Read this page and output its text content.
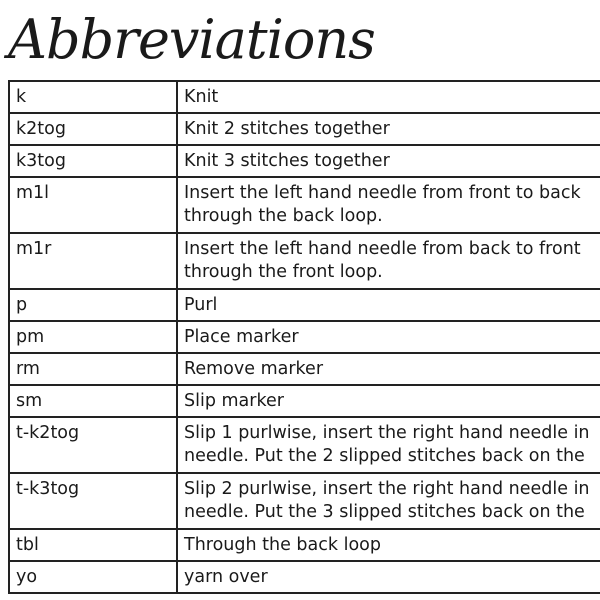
Abbreviations
k	Knit
k2tog	Knit 2 stitches together
k3tog	Knit 3 stitches together
m1l	Insert the left hand needle from front to back
through the back loop.
m1r	Insert the left hand needle from back to front
through the front loop.
p	Purl
pm	Place marker
rm	Remove marker
sm	Slip marker
t-k2tog	Slip 1 purlwise, insert the right hand needle in
needle. Put the 2 slipped stitches back on the
t-k3tog	Slip 2 purlwise, insert the right hand needle in
needle. Put the 3 slipped stitches back on the
tbl	Through the back loop
yo	yarn over
